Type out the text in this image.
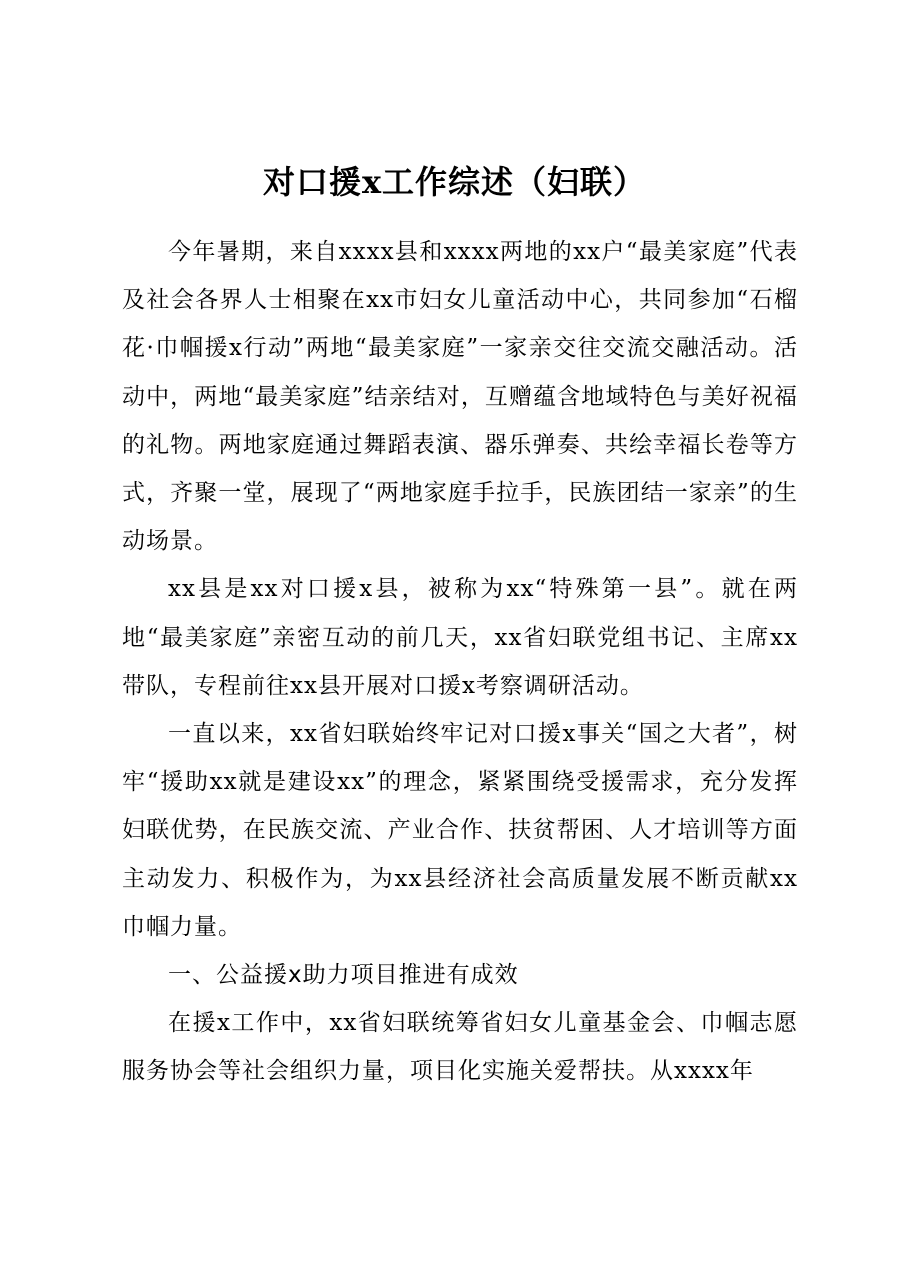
对口援x工作综述（妇联）

今年暑期，来自xxxx县和xxxx两地的xx户“最美家庭”代表及社会各界人士相聚在xx市妇女儿童活动中心，共同参加“石榴花·巾帼援x行动”两地“最美家庭”一家亲交往交流交融活动。活动中，两地“最美家庭”结亲结对，互赠蕴含地域特色与美好祝福的礼物。两地家庭通过舞蹈表演、器乐弹奏、共绘幸福长卷等方式，齐聚一堂，展现了“两地家庭手拉手，民族团结一家亲”的生动场景。

xx县是xx对口援x县，被称为xx“特殊第一县”。就在两地“最美家庭”亲密互动的前几天，xx省妇联党组书记、主席xx带队，专程前往xx县开展对口援x考察调研活动。

一直以来，xx省妇联始终牢记对口援x事关“国之大者”，树牢“援助xx就是建设xx”的理念，紧紧围绕受援需求，充分发挥妇联优势，在民族交流、产业合作、扶贫帮困、人才培训等方面主动发力、积极作为，为xx县经济社会高质量发展不断贡献xx巾帼力量。

一、公益援x助力项目推进有成效

在援x工作中，xx省妇联统筹省妇女儿童基金会、巾帼志愿服务协会等社会组织力量，项目化实施关爱帮扶。从xxxx年
